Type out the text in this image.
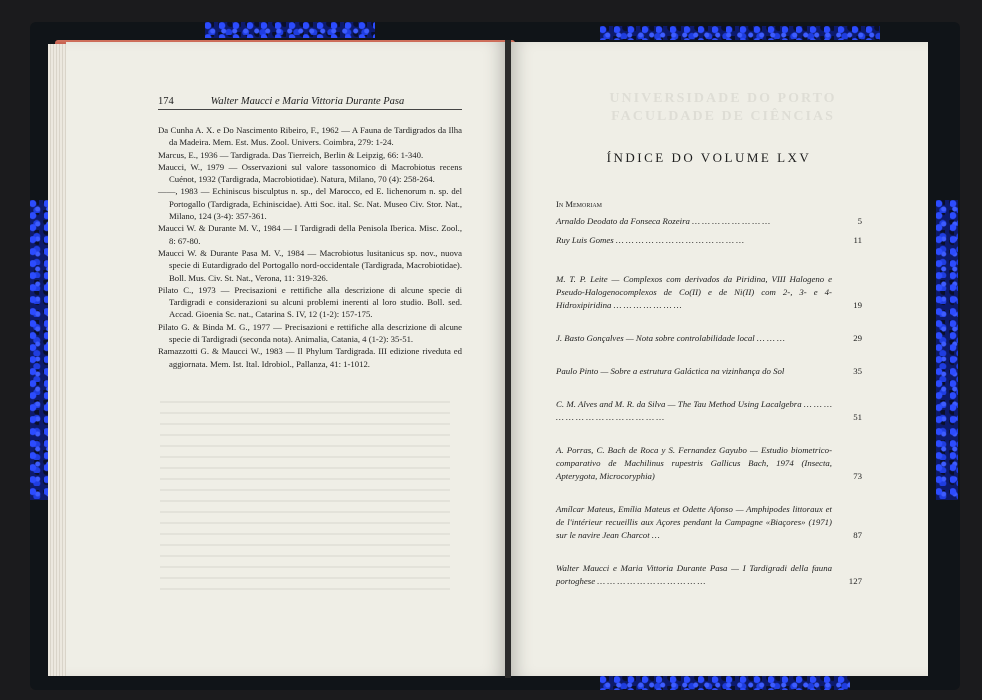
174	Walter Maucci e Maria Vittoria Durante Pasa
Da Cunha A. X. e Do Nascimento Ribeiro, F., 1962 — A Fauna de Tardigrados da Ilha da Madeira. Mem. Est. Mus. Zool. Univers. Coimbra, 279: 1-24.
Marcus, E., 1936 — Tardigrada. Das Tierreich, Berlin & Leipzig, 66: 1-340.
Maucci, W., 1979 — Osservazioni sul valore tassonomico di Macrobiotus recens Cuénot, 1932 (Tardigrada, Macrobiotidae). Natura, Milano, 70 (4): 258-264.
——, 1983 — Echiniscus bisculptus n. sp., del Marocco, ed E. lichenorum n. sp. del Portogallo (Tardigrada, Echiniscidae). Atti Soc. ital. Sc. Nat. Museo Civ. Stor. Nat., Milano, 124 (3-4): 357-361.
Maucci W. & Durante M. V., 1984 — I Tardigradi della Penisola Iberica. Misc. Zool., 8: 67-80.
Maucci W. & Durante Pasa M. V., 1984 — Macrobiotus lusitanicus sp. nov., nuova specie di Eutardigrado del Portogallo nord-occidentale (Tardigrada, Macrobiotidae). Boll. Mus. Civ. St. Nat., Verona, 11: 319-326.
Pilato C., 1973 — Precisazioni e rettifiche alla descrizione di alcune specie di Tardigradi e considerazioni su alcuni problemi inerenti al loro studio. Boll. sed. Accad. Gioenia Sc. nat., Catarina S. IV, 12 (1-2): 157-175.
Pilato G. & Binda M. G., 1977 — Precisazioni e rettifiche alla descrizione di alcune specie di Tardigradi (seconda nota). Animalia, Catania, 4 (1-2): 35-51.
Ramazzotti G. & Maucci W., 1983 — Il Phylum Tardigrada. III edizione riveduta ed aggiornata. Mem. Ist. Ital. Idrobiol., Pallanza, 41: 1-1012.
UNIVERSIDADE DO PORTO FACULDADE DE CIÊNCIAS
ÍNDICE DO VOLUME LXV
In Memoriam
Arnaldo Deodato da Fonseca Rozeira … … … … … … … …	5
Ruy Luis Gomes … … … … … … … … … … … … …	11
M. T. P. Leite — Complexos com derivados da Piridina, VIII Halogeno e Pseudo-Halogenocomplexos de Co(II) e de Ni(II) com 2-, 3- e 4-Hidroxipiridina … … … … … … …	19
J. Basto Gonçalves — Nota sobre controlabilidade local … … …	29
Paulo Pinto — Sobre a estrutura Galáctica na vizinhança do Sol	35
C. M. Alves and M. R. da Silva — The Tau Method Using Lacalgebra … … … … … … … … … … … … … …	51
A. Porras, C. Bach de Roca y S. Fernandez Gayubo — Estudio biometrico-comparativo de Machilinus rupestris Gallicus Bach, 1974 (Insecta, Apterygota, Microcoryphia)	73
Amílcar Mateus, Emília Mateus et Odette Afonso — Amphipodes littoraux et de l'intérieur recueillis aux Açores pendant la Campagne «Biaçores» (1971) sur le navire Jean Charcot …	87
Walter Maucci e Maria Vittoria Durante Pasa — I Tardigradi della fauna portoghese … … … … … … … … … … …	127
